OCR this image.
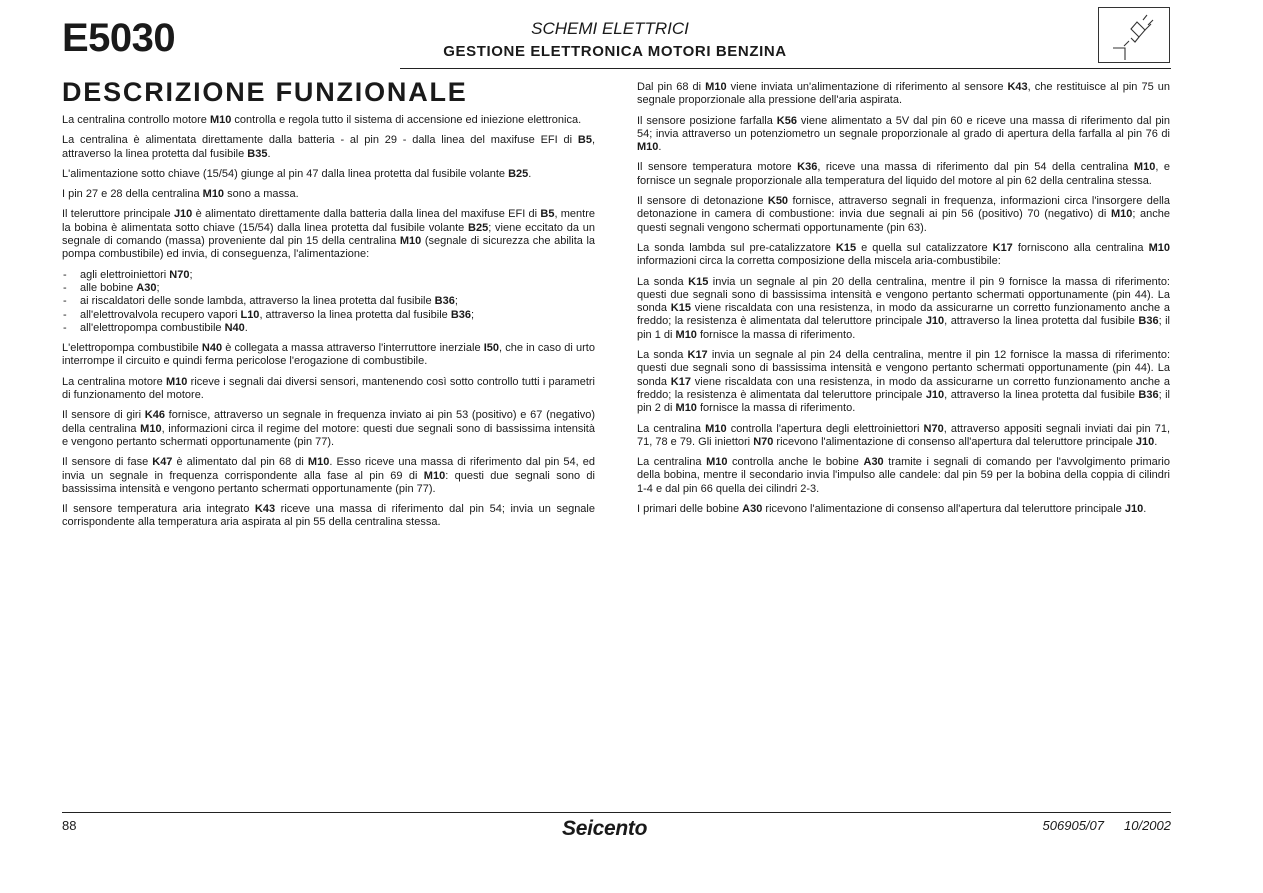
E5030	SCHEMI ELETTRICI
GESTIONE ELETTRONICA MOTORI BENZINA
DESCRIZIONE FUNZIONALE

La centralina controllo motore M10 controlla e regola tutto il sistema di accensione ed iniezione elettronica.

La centralina è alimentata direttamente dalla batteria - al pin 29 - dalla linea del maxifuse EFI di B5, attraverso la linea protetta dal fusibile B35.

L'alimentazione sotto chiave (15/54) giunge al pin 47 dalla linea protetta dal fusibile volante B25.

I pin 27 e 28 della centralina M10 sono a massa.

Il teleruttore principale J10 è alimentato direttamente dalla batteria dalla linea del maxifuse EFI di B5, mentre la bobina è alimentata sotto chiave (15/54) dalla linea protetta dal fusibile volante B25; viene eccitato da un segnale di comando (massa) proveniente dal pin 15 della centralina M10 (segnale di sicurezza che abilita la pompa combustibile) ed invia, di conseguenza, l'alimentazione:

- agli elettroiniettori N70;
- alle bobine A30;
- ai riscaldatori delle sonde lambda, attraverso la linea protetta dal fusibile B36;
- all'elettrovalvola recupero vapori L10, attraverso la linea protetta dal fusibile B36;
- all'elettropompa combustibile N40.

L'elettropompa combustibile N40 è collegata a massa attraverso l'interruttore inerziale I50, che in caso di urto interrompe il circuito e quindi ferma pericolose l'erogazione di combustibile.

La centralina motore M10 riceve i segnali dai diversi sensori, mantenendo così sotto controllo tutti i parametri di funzionamento del motore.

Il sensore di giri K46 fornisce, attraverso un segnale in frequenza inviato ai pin 53 (positivo) e 67 (negativo) della centralina M10, informazioni circa il regime del motore: questi due segnali sono di bassissima intensità e vengono pertanto schermati opportunamente (pin 77).

Il sensore di fase K47 è alimentato dal pin 68 di M10. Esso riceve una massa di riferimento dal pin 54, ed invia un segnale in frequenza corrispondente alla fase al pin 69 di M10: questi due segnali sono di bassissima intensità e vengono pertanto schermati opportunamente (pin 77).

Il sensore temperatura aria integrato K43 riceve una massa di riferimento dal pin 54; invia un segnale corrispondente alla temperatura aria aspirata al pin 55 della centralina stessa.

Dal pin 68 di M10 viene inviata un'alimentazione di riferimento al sensore K43, che restituisce al pin 75 un segnale proporzionale alla pressione dell'aria aspirata.

Il sensore posizione farfalla K56 viene alimentato a 5V dal pin 60 e riceve una massa di riferimento dal pin 54; invia attraverso un potenziometro un segnale proporzionale al grado di apertura della farfalla al pin 76 di M10.

Il sensore temperatura motore K36, riceve una massa di riferimento dal pin 54 della centralina M10, e fornisce un segnale proporzionale alla temperatura del liquido del motore al pin 62 della centralina stessa.

Il sensore di detonazione K50 fornisce, attraverso segnali in frequenza, informazioni circa l'insorgere della detonazione in camera di combustione: invia due segnali ai pin 56 (positivo) 70 (negativo) di M10; anche questi segnali vengono schermati opportunamente (pin 63).

La sonda lambda sul pre-catalizzatore K15 e quella sul catalizzatore K17 forniscono alla centralina M10 informazioni circa la corretta composizione della miscela aria-combustibile:

La sonda K15 invia un segnale al pin 20 della centralina, mentre il pin 9 fornisce la massa di riferimento: questi due segnali sono di bassissima intensità e vengono pertanto schermati opportunamente (pin 44). La sonda K15 viene riscaldata con una resistenza, in modo da assicurarne un corretto funzionamento anche a freddo; la resistenza è alimentata dal teleruttore principale J10, attraverso la linea protetta dal fusibile B36; il pin 1 di M10 fornisce la massa di riferimento.

La sonda K17 invia un segnale al pin 24 della centralina, mentre il pin 12 fornisce la massa di riferimento: questi due segnali sono di bassissima intensità e vengono pertanto schermati opportunamente (pin 44). La sonda K17 viene riscaldata con una resistenza, in modo da assicurarne un corretto funzionamento anche a freddo; la resistenza è alimentata dal teleruttore principale J10, attraverso la linea protetta dal fusibile B36; il pin 2 di M10 fornisce la massa di riferimento.

La centralina M10 controlla l'apertura degli elettroiniettori N70, attraverso appositi segnali inviati dai pin 71, 71, 78 e 79. Gli iniettori N70 ricevono l'alimentazione di consenso all'apertura dal teleruttore principale J10.

La centralina M10 controlla anche le bobine A30 tramite i segnali di comando per l'avvolgimento primario della bobina, mentre il secondario invia l'impulso alle candele: dal pin 59 per la bobina della coppia di cilindri 1-4 e dal pin 66 quella dei cilindri 2-3.

I primari delle bobine A30 ricevono l'alimentazione di consenso all'apertura dal teleruttore principale J10.

88	Seicento	506905/07 10/2002
